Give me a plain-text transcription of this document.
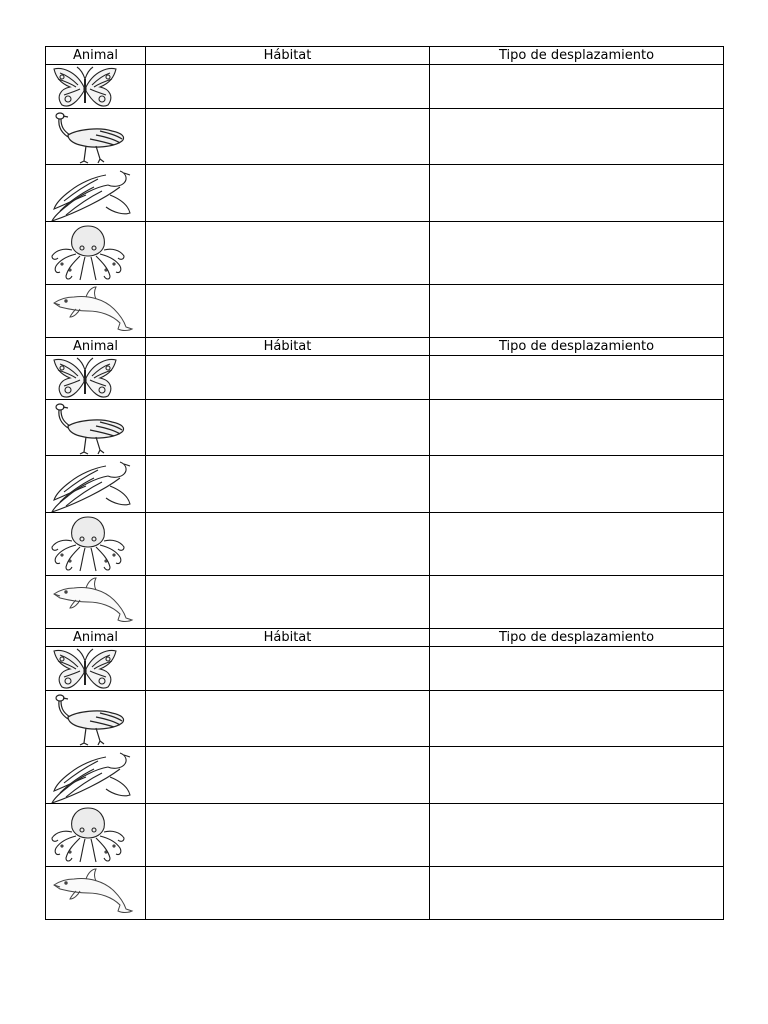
Animal	Hábitat	Tipo de desplazamiento

Animal	Hábitat	Tipo de desplazamiento

Animal	Hábitat	Tipo de desplazamiento
